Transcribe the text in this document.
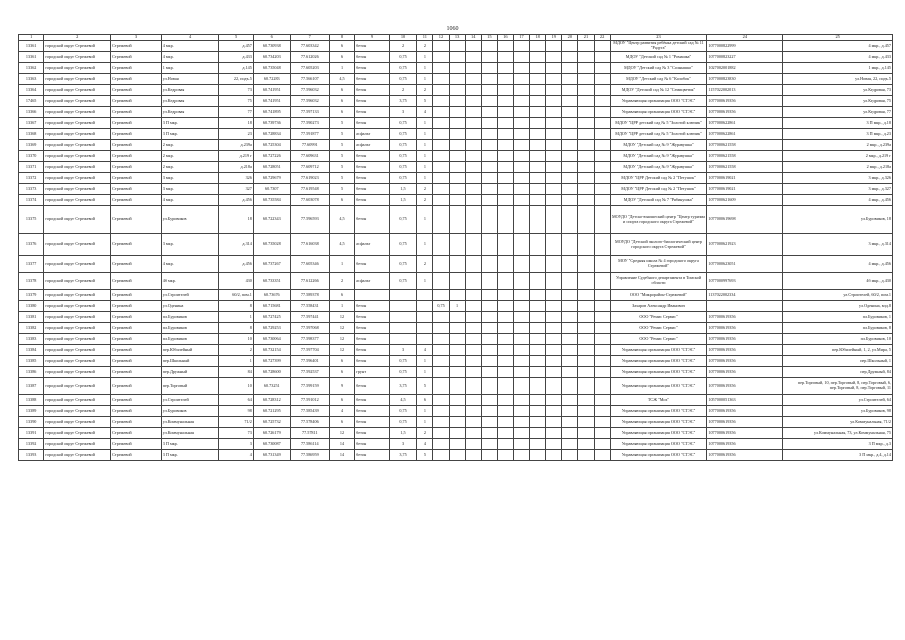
1060
1	2	3	4	5	6	7	8	9	10	11	12	13	14	15	16	17	18	19	20	21	22	23	24	25
13361	городской округ Стрежевой	Стрежевой	4 мкр.	д.457	60.730938	77.603342	6	бетон	2	2												МДОУ "Центр развития ребёнка детский сад № 11 "Радуга"	1077000822999	4 мкр., д.457
13361	городской округ Стрежевой	Стрежевой	4 мкр.	д.433	60.734203	77.612026	6	бетон	0,75	1												МДОУ "Детский сад № 1 "Ромашка"	1077000823227	4 мкр., д.433
13362	городской округ Стрежевой	Стрежевой	1 мкр.	д.145	60.735048	77.605203	1	бетон	0,75	1												МДОУ "Детский сад № 3 "Солнышко"	1027002001882	1 мкр., д.145
13363	городской округ Стрежевой	Стрежевой	ул.Новая	22, подъ.5	60.72283	77.566107	4,5	бетон	0,75	1												МДОУ "Детский сад № 6 "Колобок"	1077000823830	ул.Новая, 22, подъ.5
13364	городской округ Стрежевой	Стрежевой	ул.Кедровая	73	60.741951	77.596032	6	бетон	2	2												МДОУ "Детский сад № 12 "Семицветик"	1157022002013	ул.Кедровая, 73
17465	городской округ Стрежевой	Стрежевой	ул.Кедровая	75	60.741951	77.596032	6	бетон	3,75	5												Управляющая организация ООО "СТЭС"	1077000619356	ул.Кедровая, 75
13366	городской округ Стрежевой	Стрежевой	ул.Кедровая	77	60.741895	77.597133	6	бетон	3	4												Управляющая организация ООО "СТЭС"	1077000619356	ул.Кедровая, 77
13367	городской округ Стрежевой	Стрежевой	3 П мкр.	18	60.739736	77.590273	5	бетон	0,75	1												МДОУ "ЦРР детский сад № 5 "Золотой ключик"	1077000622861	3 П мкр., д.18
13368	городской округ Стрежевой	Стрежевой	3 П мкр.	23	60.728834	77.591877	5	асфальт	0,75	1												МДОУ "ЦРР детский сад № 5 "Золотой ключик"	1077000622861	3 П мкр., д.23
13369	городской округ Стрежевой	Стрежевой	2 мкр.	д.239а	60.725304	77.60991	5	асфальт	0,75	1												МДОУ "Детский сад № 9 "Журавушка"	1077000621558	2 мкр., д.239а
13370	городской округ Стрежевой	Стрежевой	2 мкр.	д.219 г	60.727226	77.609631	5	бетон	0,75	1												МДОУ "Детский сад № 9 "Журавушка"	1077000621558	2 мкр., д.219 г
13371	городской округ Стрежевой	Стрежевой	2 мкр.	д.218а	60.728051	77.609712	5	бетон	0,75	1												МДОУ "Детский сад № 9 "Журавушка"	1077000621558	2 мкр., д.218а
13372	городской округ Стрежевой	Стрежевой	3 мкр.	326	60.729679	77.619023	5	бетон	0,75	1												МДОУ "ЦРР Детский сад № 2 "Петушок"	1077000619021	3 мкр., д.326
13373	городской округ Стрежевой	Стрежевой	3 мкр.	327	60.7307	77.619548	5	бетон	1,5	2												МДОУ "ЦРР Детский сад № 2 "Петушок"	1077000619021	3 мкр., д.327
13374	городской округ Стрежевой	Стрежевой	4 мкр.	д.456	60.735584	77.603078	6	бетон	1,5	2												МДОУ "Детский сад № 7 "Рябинушка"	1077000621609	4 мкр., д.456
13375	городской округ Стрежевой	Стрежевой	ул.Буровиков	18	60.722343	77.596593	4,5	бетон	0,75	1												МОУДО "Детско-юношеский центр "Центр туризма и спорта городского округа Стрежевой"	1077000619698	ул.Буровиков, 18
13376	городской округ Стрежевой	Стрежевой	3 мкр.	д.314	60.735028	77.616038	4,5	асфальт	0,75	1												МОУДО "Детский эколого-биологический центр городского округа Стрежевой"	1077000621923	3 мкр., д.314
13377	городской округ Стрежевой	Стрежевой	4 мкр.	д.456	60.737267	77.605346	1	бетон	0,75	2												МОУ "Средняя школа № 4 городского округа Стрежевой"	1077000623051	4 мкр., д.456
13378	городской округ Стрежевой	Стрежевой	4б мкр.	430	60.733351	77.612266	2	асфальт	0,75	1												Управление Судебного департамента в Томской области	1077000997693	4б мкр., д.430
13379	городской округ Стрежевой	Стрежевой	ул.Строителей	60/2, пом.1	60.73676	77.589378	6															ООО "Микрорайон-Стрежевой"	1137022002334	ул.Строителей, 60/2, пом.1
13380	городской округ Стрежевой	Стрежевой	ул.Оденина	8	60.715681	77.558431	1	бетон			0,75	1										Захаров Александр Иванович		ул.Оденина, влд.8
13381	городской округ Стрежевой	Стрежевой	пл.Буровиков	1	60.727425	77.597441	12	бетон														ООО "Ремис Сервис"	1077000619356	пл.Буровиков, 1
13382	городской округ Стрежевой	Стрежевой	пл.Буровиков	8	60.729253	77.597068	12	бетон														ООО "Ремис Сервис"	1077000619356	пл.Буровиков, 8
13383	городской округ Стрежевой	Стрежевой	пл.Буровиков	10	60.730064	77.598377	12	бетон														ООО "Ремис Сервис"	1077000619356	пл.Буровиков, 10
13384	городской округ Стрежевой	Стрежевой	пер.Юбилейный	2	60.732154	77.597704	12	бетон	3	4												Управляющая организация ООО "СТЭС"	1077000619356	пер.Юбилейный, 1, 2, ул.Мира, 5
13385	городской округ Стрежевой	Стрежевой	пер.Школьный	1	60.727399	77.596401	6	бетон	0,75	1												Управляющая организация ООО "СТЭС"	1077000619356	пер.Школьный, 1
13386	городской округ Стрежевой	Стрежевой	пер.Дружный	84	60.728600	77.592537	6	грунт	0,75	1												Управляющая организация ООО "СТЭС"	1077000619356	пер.Дружный, 84
13387	городской округ Стрежевой	Стрежевой	пер.Торговый	10	60.73251	77.599159	9	бетон	3,75	5												Управляющая организация ООО "СТЭС"	1077000619356	пер.Торговый, 10, пер.Торговый, 8, пер.Торговый, 6, пер.Торговый, 8, пер.Торговый, 11
13388	городской округ Стрежевой	Стрежевой	ул.Строителей	64	60.728312	77.591012	6	бетон	4,5	6												ТСЖ "Мох"	1057000051363	ул.Строителей, 64
13389	городской округ Стрежевой	Стрежевой	ул.Буровиков	98	60.721295	77.585439	4	бетон	0,75	1												Управляющая организация ООО "СТЭС"	1077000619356	ул.Буровиков, 98
13390	городской округ Стрежевой	Стрежевой	ул.Коммунальная	71/2	60.725732	77.578406	6	бетон	0,75	1												Управляющая организация ООО "СТЭС"	1077000619356	ул.Коммунальная, 71/2
13391	городской округ Стрежевой	Стрежевой	ул.Коммунальная	73	60.726179	77.57811	12	бетон	1,5	2												Управляющая организация ООО "СТЭС"	1077000619356	ул.Коммунальная, 73, ул.Коммунальная, 75
13392	городской округ Стрежевой	Стрежевой	3 П мкр.	3	60.730087	77.586114	14	бетон	3	4												Управляющая организация ООО "СТЭС"	1077000619356	3 П мкр., д.3
13393	городской округ Стрежевой	Стрежевой	3 П мкр.	4	60.731349	77.586959	14	бетон	3,75	5												Управляющая организация ООО "СТЭС"	1077000619356	3 П мкр., д.4, д.14
